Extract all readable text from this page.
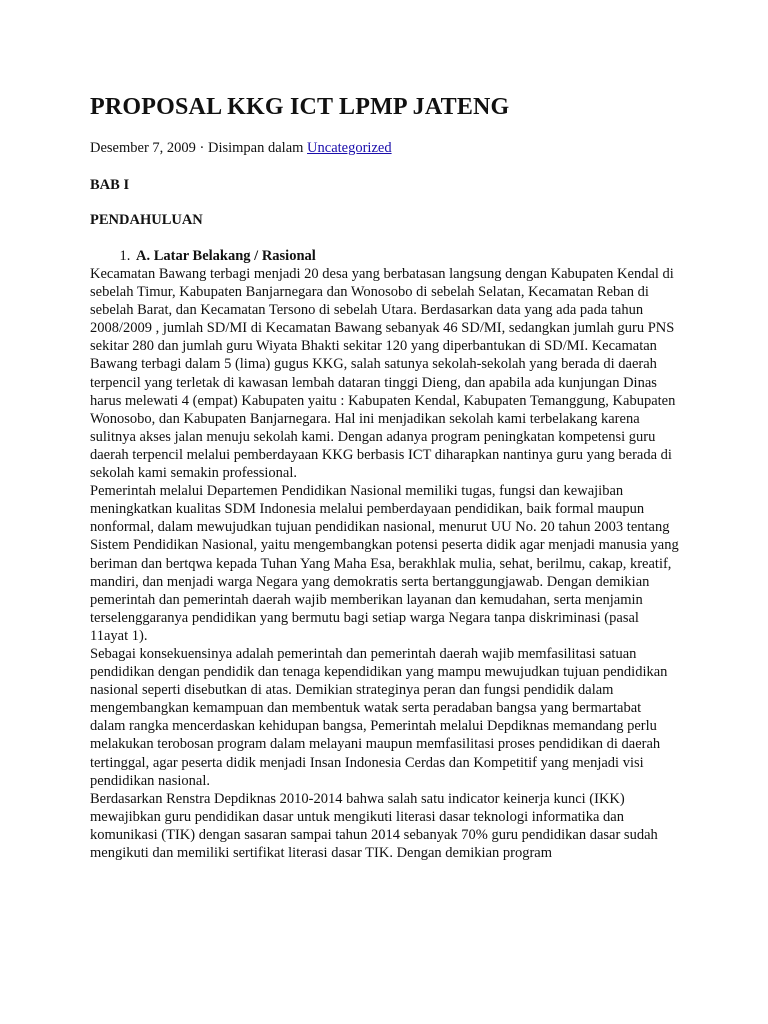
PROPOSAL KKG ICT LPMP JATENG
Desember 7, 2009 · Disimpan dalam Uncategorized

BAB I

PENDAHULUAN

1. A. Latar Belakang / Rasional

Kecamatan Bawang terbagi menjadi 20 desa yang berbatasan langsung dengan Kabupaten Kendal di sebelah Timur, Kabupaten Banjarnegara dan Wonosobo di sebelah Selatan, Kecamatan Reban di sebelah Barat, dan Kecamatan Tersono di sebelah Utara. Berdasarkan data yang ada pada tahun 2008/2009 , jumlah SD/MI di Kecamatan Bawang sebanyak 46 SD/MI, sedangkan jumlah guru PNS sekitar 280 dan jumlah guru Wiyata Bhakti sekitar 120 yang diperbantukan di SD/MI. Kecamatan Bawang terbagi dalam 5 (lima) gugus KKG, salah satunya sekolah-sekolah yang berada di daerah terpencil yang terletak di kawasan lembah dataran tinggi Dieng, dan apabila ada kunjungan Dinas harus melewati 4 (empat) Kabupaten yaitu : Kabupaten Kendal, Kabupaten Temanggung, Kabupaten Wonosobo, dan Kabupaten Banjarnegara. Hal ini menjadikan sekolah kami terbelakang karena sulitnya akses jalan menuju sekolah kami. Dengan adanya program peningkatan kompetensi guru daerah terpencil melalui pemberdayaan KKG berbasis ICT diharapkan nantinya guru yang berada di sekolah kami semakin professional.

Pemerintah melalui Departemen Pendidikan Nasional memiliki tugas, fungsi dan kewajiban meningkatkan kualitas SDM Indonesia melalui pemberdayaan pendidikan, baik formal maupun nonformal, dalam mewujudkan tujuan pendidikan nasional, menurut UU No. 20 tahun 2003 tentang Sistem Pendidikan Nasional, yaitu mengembangkan potensi peserta didik agar menjadi manusia yang beriman dan bertqwa kepada Tuhan Yang Maha Esa, berakhlak mulia, sehat, berilmu, cakap, kreatif, mandiri, dan menjadi warga Negara yang demokratis serta bertanggungjawab. Dengan demikian pemerintah dan pemerintah daerah wajib memberikan layanan dan kemudahan, serta menjamin terselenggaranya pendidikan yang bermutu bagi setiap warga Negara tanpa diskriminasi (pasal 11ayat 1).

Sebagai konsekuensinya adalah pemerintah dan pemerintah daerah wajib memfasilitasi satuan pendidikan dengan pendidik dan tenaga kependidikan yang mampu mewujudkan tujuan pendidikan nasional seperti disebutkan di atas. Demikian strateginya peran dan fungsi pendidik dalam mengembangkan kemampuan dan membentuk watak serta peradaban bangsa yang bermartabat dalam rangka mencerdaskan kehidupan bangsa, Pemerintah melalui Depdiknas memandang perlu melakukan terobosan program dalam melayani maupun memfasilitasi proses pendidikan di daerah tertinggal, agar peserta didik menjadi Insan Indonesia Cerdas dan Kompetitif yang menjadi visi pendidikan nasional.

Berdasarkan Renstra Depdiknas 2010-2014 bahwa salah satu indicator keinerja kunci (IKK) mewajibkan guru pendidikan dasar untuk mengikuti literasi dasar teknologi informatika dan komunikasi (TIK) dengan sasaran sampai tahun 2014 sebanyak 70% guru pendidikan dasar sudah mengikuti dan memiliki sertifikat literasi dasar TIK. Dengan demikian program
